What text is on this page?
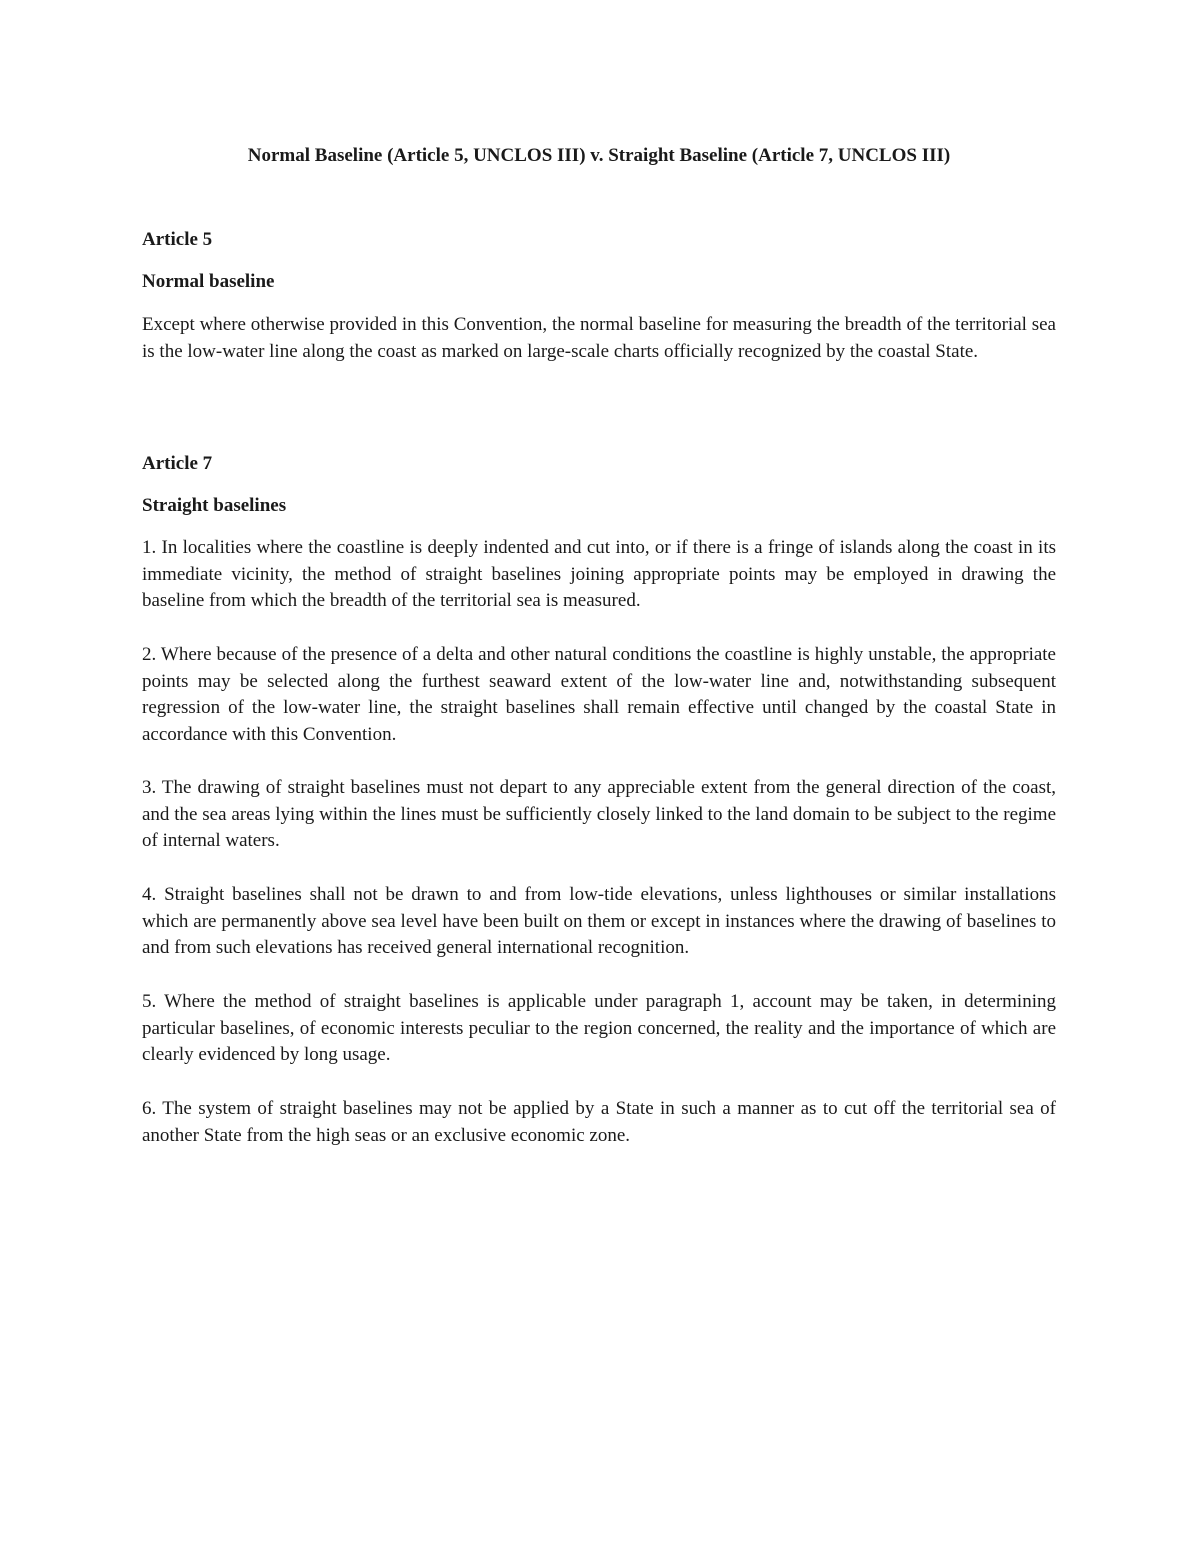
Normal Baseline (Article 5, UNCLOS III) v. Straight Baseline (Article 7, UNCLOS III)
Article 5
Normal baseline

Except where otherwise provided in this Convention, the normal baseline for measuring the breadth of the territorial sea is the low-water line along the coast as marked on large-scale charts officially recognized by the coastal State.

Article 7
Straight baselines

1. In localities where the coastline is deeply indented and cut into, or if there is a fringe of islands along the coast in its immediate vicinity, the method of straight baselines joining appropriate points may be employed in drawing the baseline from which the breadth of the territorial sea is measured.

2. Where because of the presence of a delta and other natural conditions the coastline is highly unstable, the appropriate points may be selected along the furthest seaward extent of the low-water line and, notwithstanding subsequent regression of the low-water line, the straight baselines shall remain effective until changed by the coastal State in accordance with this Convention.

3. The drawing of straight baselines must not depart to any appreciable extent from the general direction of the coast, and the sea areas lying within the lines must be sufficiently closely linked to the land domain to be subject to the regime of internal waters.

4. Straight baselines shall not be drawn to and from low-tide elevations, unless lighthouses or similar installations which are permanently above sea level have been built on them or except in instances where the drawing of baselines to and from such elevations has received general international recognition.

5. Where the method of straight baselines is applicable under paragraph 1, account may be taken, in determining particular baselines, of economic interests peculiar to the region concerned, the reality and the importance of which are clearly evidenced by long usage.

6. The system of straight baselines may not be applied by a State in such a manner as to cut off the territorial sea of another State from the high seas or an exclusive economic zone.
